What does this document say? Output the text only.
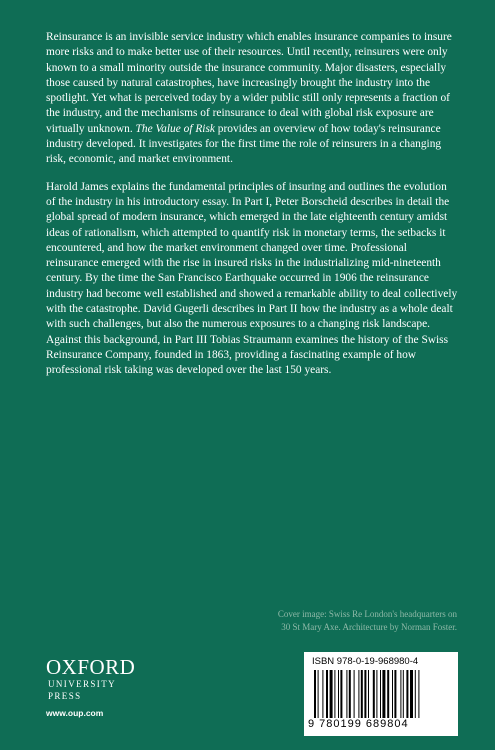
Reinsurance is an invisible service industry which enables insurance companies to insure more risks and to make better use of their resources. Until recently, reinsurers were only known to a small minority outside the insurance community. Major disasters, especially those caused by natural catastrophes, have increasingly brought the industry into the spotlight. Yet what is perceived today by a wider public still only represents a fraction of the industry, and the mechanisms of reinsurance to deal with global risk exposure are virtually unknown. The Value of Risk provides an overview of how today's reinsurance industry developed. It investigates for the first time the role of reinsurers in a changing risk, economic, and market environment.

Harold James explains the fundamental principles of insuring and outlines the evolution of the industry in his introductory essay. In Part I, Peter Borscheid describes in detail the global spread of modern insurance, which emerged in the late eighteenth century amidst ideas of rationalism, which attempted to quantify risk in monetary terms, the setbacks it encountered, and how the market environment changed over time. Professional reinsurance emerged with the rise in insured risks in the industrializing mid-nineteenth century. By the time the San Francisco Earthquake occurred in 1906 the reinsurance industry had become well established and showed a remarkable ability to deal collectively with the catastrophe. David Gugerli describes in Part II how the industry as a whole dealt with such challenges, but also the numerous exposures to a changing risk landscape. Against this background, in Part III Tobias Straumann examines the history of the Swiss Reinsurance Company, founded in 1863, providing a fascinating example of how professional risk taking was developed over the last 150 years.

Cover image: Swiss Re London's headquarters on
30 St Mary Axe. Architecture by Norman Foster.
OXFORD
UNIVERSITY PRESS
www.oup.com
ISBN 978-0-19-968980-4
9 780199 689804
